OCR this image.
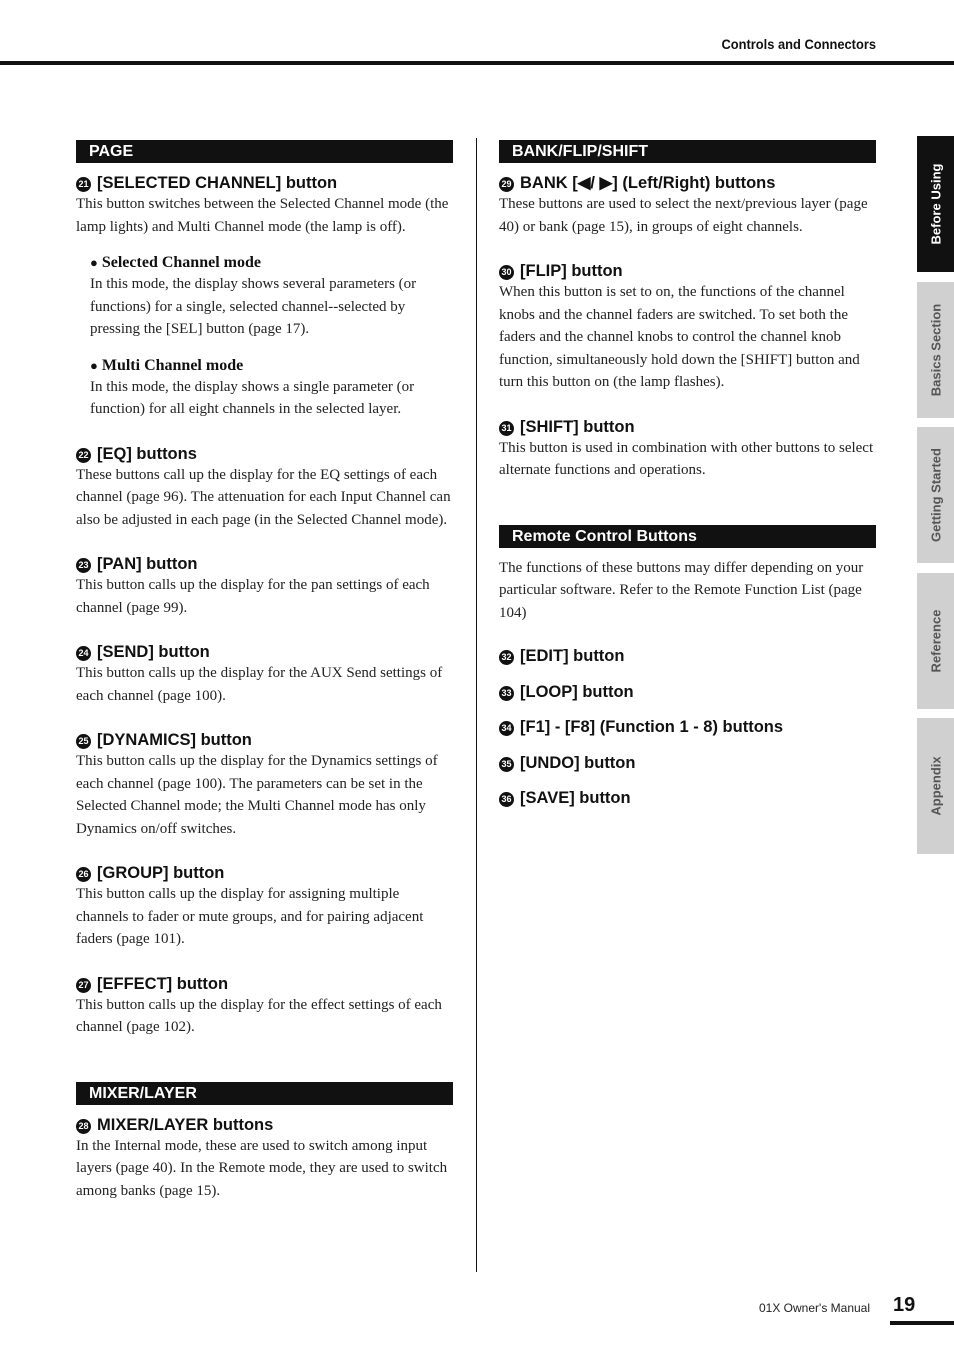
Controls and Connectors
PAGE
21 [SELECTED CHANNEL] button
This button switches between the Selected Channel mode (the lamp lights) and Multi Channel mode (the lamp is off).
● Selected Channel mode
In this mode, the display shows several parameters (or functions) for a single, selected channel--selected by pressing the [SEL] button (page 17).
● Multi Channel mode
In this mode, the display shows a single parameter (or function) for all eight channels in the selected layer.
22 [EQ] buttons
These buttons call up the display for the EQ settings of each channel (page 96). The attenuation for each Input Channel can also be adjusted in each page (in the Selected Channel mode).
23 [PAN] button
This button calls up the display for the pan settings of each channel (page 99).
24 [SEND] button
This button calls up the display for the AUX Send settings of each channel (page 100).
25 [DYNAMICS] button
This button calls up the display for the Dynamics settings of each channel (page 100). The parameters can be set in the Selected Channel mode; the Multi Channel mode has only Dynamics on/off switches.
26 [GROUP] button
This button calls up the display for assigning multiple channels to fader or mute groups, and for pairing adjacent faders (page 101).
27 [EFFECT] button
This button calls up the display for the effect settings of each channel (page 102).
MIXER/LAYER
28 MIXER/LAYER buttons
In the Internal mode, these are used to switch among input layers (page 40). In the Remote mode, they are used to switch among banks (page 15).
BANK/FLIP/SHIFT
29 BANK [◀/ ▶] (Left/Right) buttons
These buttons are used to select the next/previous layer (page 40) or bank (page 15), in groups of eight channels.
30 [FLIP] button
When this button is set to on, the functions of the channel knobs and the channel faders are switched. To set both the faders and the channel knobs to control the channel knob function, simultaneously hold down the [SHIFT] button and turn this button on (the lamp flashes).
31 [SHIFT] button
This button is used in combination with other buttons to select alternate functions and operations.
Remote Control Buttons
The functions of these buttons may differ depending on your particular software. Refer to the Remote Function List (page 104)
32 [EDIT] button
33 [LOOP] button
34 [F1] - [F8] (Function 1 - 8) buttons
35 [UNDO] button
36 [SAVE] button
Before Using
Basics Section
Getting Started
Reference
Appendix
01X Owner's Manual 19
